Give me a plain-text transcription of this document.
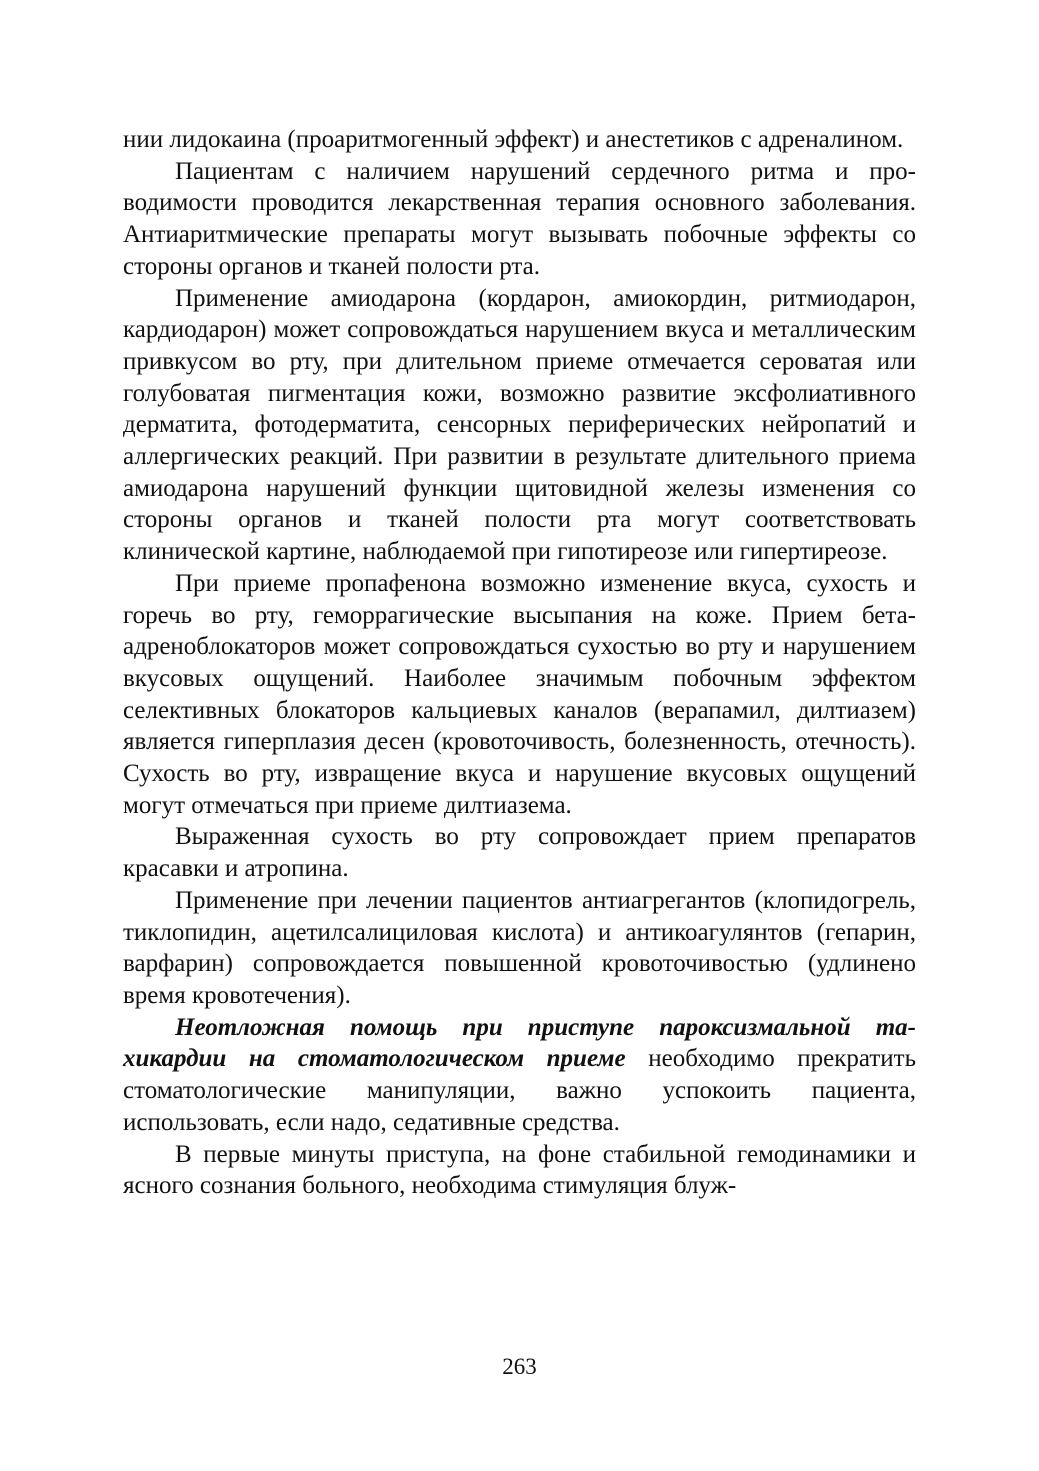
нии лидокаина (проаритмогенный эффект) и анестетиков с адреналином.

Пациентам с наличием нарушений сердечного ритма и проводимости проводится лекарственная терапия основного заболевания. Антиаритмические препараты могут вызывать побочные эффекты со стороны органов и тканей полости рта.

Применение амиодарона (кордарон, амиокордин, ритмиодарон, кардиодарон) может сопровождаться нарушением вкуса и металлическим привкусом во рту, при длительном приеме отмечается сероватая или голубоватая пигментация кожи, возможно развитие эксфолиативного дерматита, фотодерматита, сенсорных периферических нейропатий и аллергических реакций. При развитии в результате длительного приема амиодарона нарушений функции щитовидной железы изменения со стороны органов и тканей полости рта могут соответствовать клинической картине, наблюдаемой при гипотиреозе или гипертиреозе.

При приеме пропафенона возможно изменение вкуса, сухость и горечь во рту, геморрагические высыпания на коже. Прием бета-адреноблокаторов может сопровождаться сухостью во рту и нарушением вкусовых ощущений. Наиболее значимым побочным эффектом селективных блокаторов кальциевых каналов (верапамил, дилтиазем) является гиперплазия десен (кровоточивость, болезненность, отечность). Сухость во рту, извращение вкуса и нарушение вкусовых ощущений могут отмечаться при приеме дилтиазема.

Выраженная сухость во рту сопровождает прием препаратов красавки и атропина.

Применение при лечении пациентов антиагрегантов (клопидогрель, тиклопидин, ацетилсалициловая кислота) и антикоагулянтов (гепарин, варфарин) сопровождается повышенной кровоточивостью (удлинено время кровотечения).

Неотложная помощь при приступе пароксизмальной тахикардии на стоматологическом приеме необходимо прекратить стоматологические манипуляции, важно успокоить пациента, использовать, если надо, седативные средства.

В первые минуты приступа, на фоне стабильной гемодинамики и ясного сознания больного, необходима стимуляция блуж-

263
